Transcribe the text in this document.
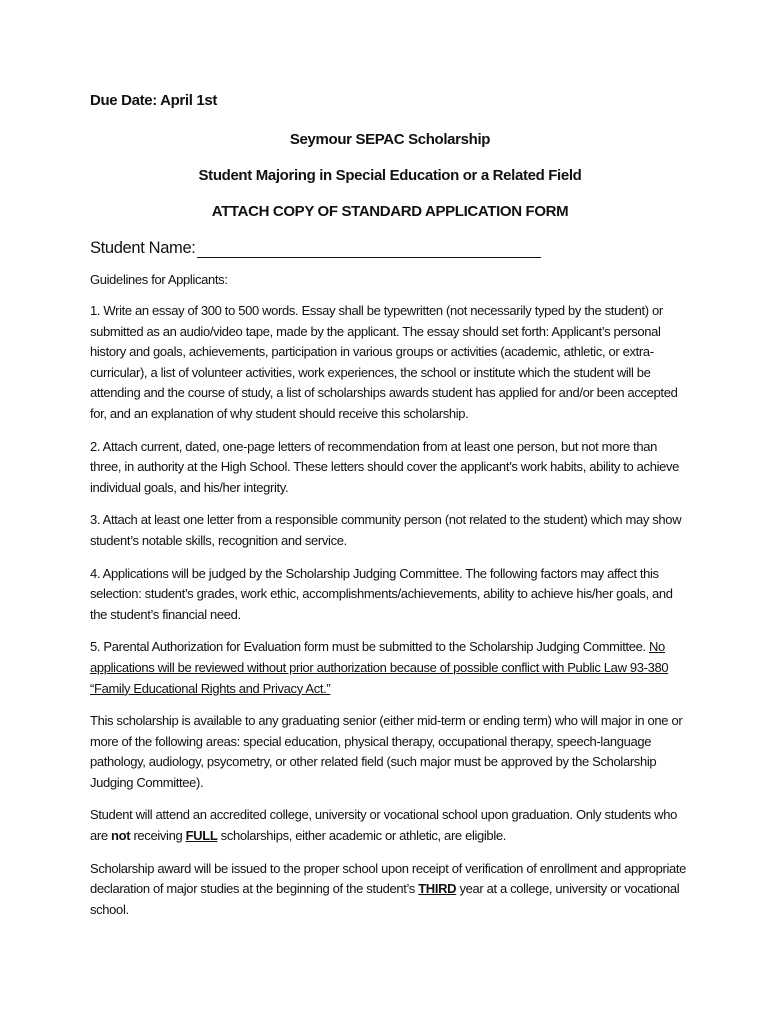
Due Date: April 1st
Seymour SEPAC Scholarship
Student Majoring in Special Education or a Related Field
ATTACH COPY OF STANDARD APPLICATION FORM
Student Name:
Guidelines for Applicants:

1. Write an essay of 300 to 500 words. Essay shall be typewritten (not necessarily typed by the student) or submitted as an audio/video tape, made by the applicant. The essay should set forth: Applicant’s personal history and goals, achievements, participation in various groups or activities (academic, athletic, or extra-curricular), a list of volunteer activities, work experiences, the school or institute which the student will be attending and the course of study, a list of scholarships awards student has applied for and/or been accepted for, and an explanation of why student should receive this scholarship.

2. Attach current, dated, one-page letters of recommendation from at least one person, but not more than three, in authority at the High School. These letters should cover the applicant’s work habits, ability to achieve individual goals, and his/her integrity.

3. Attach at least one letter from a responsible community person (not related to the student) which may show student’s notable skills, recognition and service.

4. Applications will be judged by the Scholarship Judging Committee. The following factors may affect this selection: student’s grades, work ethic, accomplishments/achievements, ability to achieve his/her goals, and the student’s financial need.

5. Parental Authorization for Evaluation form must be submitted to the Scholarship Judging Committee. No applications will be reviewed without prior authorization because of possible conflict with Public Law 93-380 “Family Educational Rights and Privacy Act.”

This scholarship is available to any graduating senior (either mid-term or ending term) who will major in one or more of the following areas: special education, physical therapy, occupational therapy, speech-language pathology, audiology, psycometry, or other related field (such major must be approved by the Scholarship Judging Committee).

Student will attend an accredited college, university or vocational school upon graduation. Only students who are not receiving FULL scholarships, either academic or athletic, are eligible.

Scholarship award will be issued to the proper school upon receipt of verification of enrollment and appropriate declaration of major studies at the beginning of the student’s THIRD year at a college, university or vocational school.
